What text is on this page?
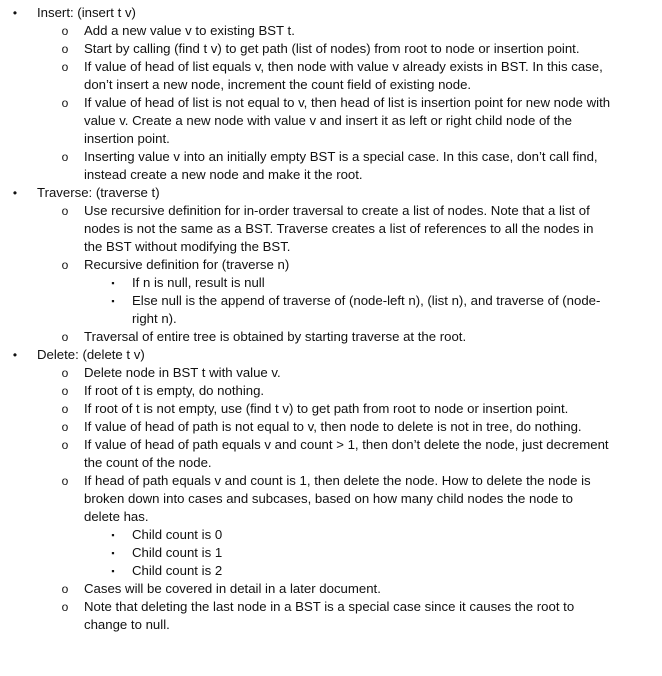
•	Insert: (insert t v)
o Add a new value v to existing BST t.
o Start by calling (find t v) to get path (list of nodes) from root to node or insertion point.
o If value of head of list equals v, then node with value v already exists in BST. In this case, don’t insert a new node, increment the count field of existing node.
o If value of head of list is not equal to v, then head of list is insertion point for new node with value v. Create a new node with value v and insert it as left or right child node of the insertion point.
o Inserting value v into an initially empty BST is a special case. In this case, don’t call find, instead create a new node and make it the root.
•	Traverse: (traverse t)
o Use recursive definition for in-order traversal to create a list of nodes. Note that a list of nodes is not the same as a BST. Traverse creates a list of references to all the nodes in the BST without modifying the BST.
o Recursive definition for (traverse n)
▪	If n is null, result is null
▪	Else null is the append of traverse of (node-left n), (list n), and traverse of (node-right n).
o Traversal of entire tree is obtained by starting traverse at the root.
•	Delete: (delete t v)
o Delete node in BST t with value v.
o If root of t is empty, do nothing.
o If root of t is not empty, use (find t v) to get path from root to node or insertion point.
o If value of head of path is not equal to v, then node to delete is not in tree, do nothing.
o If value of head of path equals v and count > 1, then don’t delete the node, just decrement the count of the node.
o If head of path equals v and count is 1, then delete the node. How to delete the node is broken down into cases and subcases, based on how many child nodes the node to delete has.
▪	Child count is 0
▪	Child count is 1
▪	Child count is 2
o Cases will be covered in detail in a later document.
o Note that deleting the last node in a BST is a special case since it causes the root to change to null.
